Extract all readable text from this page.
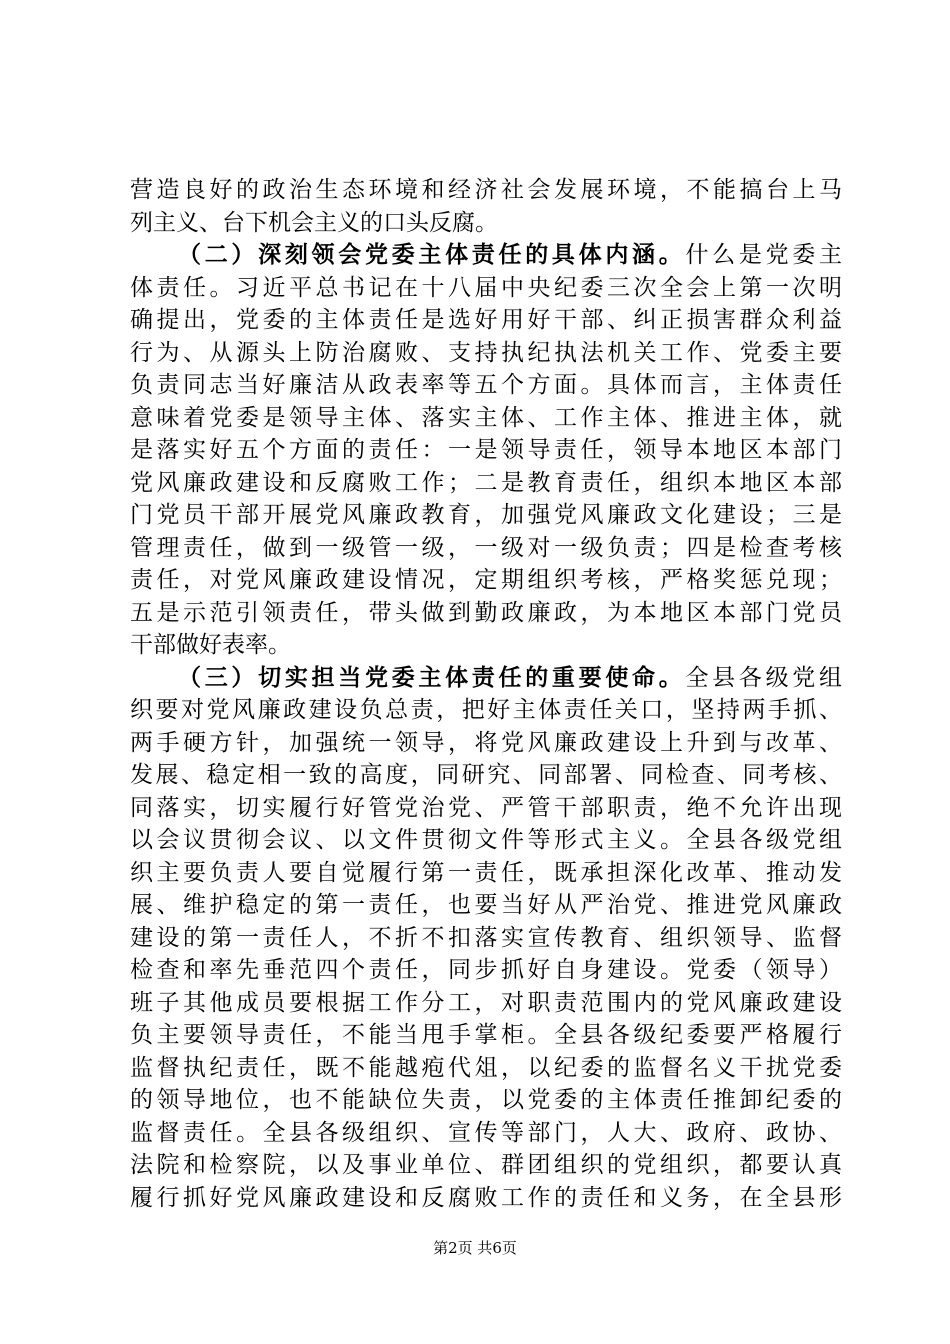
营造良好的政治生态环境和经济社会发展环境，不能搞台上马
列主义、台下机会主义的口头反腐。
（二）深刻领会党委主体责任的具体内涵。什么是党委主
体责任。习近平总书记在十八届中央纪委三次全会上第一次明
确提出，党委的主体责任是选好用好干部、纠正损害群众利益
行为、从源头上防治腐败、支持执纪执法机关工作、党委主要
负责同志当好廉洁从政表率等五个方面。具体而言，主体责任
意味着党委是领导主体、落实主体、工作主体、推进主体，就
是落实好五个方面的责任：一是领导责任，领导本地区本部门
党风廉政建设和反腐败工作；二是教育责任，组织本地区本部
门党员干部开展党风廉政教育，加强党风廉政文化建设；三是
管理责任，做到一级管一级，一级对一级负责；四是检查考核
责任，对党风廉政建设情况，定期组织考核，严格奖惩兑现；
五是示范引领责任，带头做到勤政廉政，为本地区本部门党员
干部做好表率。
（三）切实担当党委主体责任的重要使命。全县各级党组
织要对党风廉政建设负总责，把好主体责任关口，坚持两手抓、
两手硬方针，加强统一领导，将党风廉政建设上升到与改革、
发展、稳定相一致的高度，同研究、同部署、同检查、同考核、
同落实，切实履行好管党治党、严管干部职责，绝不允许出现
以会议贯彻会议、以文件贯彻文件等形式主义。全县各级党组
织主要负责人要自觉履行第一责任，既承担深化改革、推动发
展、维护稳定的第一责任，也要当好从严治党、推进党风廉政
建设的第一责任人，不折不扣落实宣传教育、组织领导、监督
检查和率先垂范四个责任，同步抓好自身建设。党委（领导）
班子其他成员要根据工作分工，对职责范围内的党风廉政建设
负主要领导责任，不能当甩手掌柜。全县各级纪委要严格履行
监督执纪责任，既不能越疱代俎，以纪委的监督名义干扰党委
的领导地位，也不能缺位失责，以党委的主体责任推卸纪委的
监督责任。全县各级组织、宣传等部门，人大、政府、政协、
法院和检察院，以及事业单位、群团组织的党组织，都要认真
履行抓好党风廉政建设和反腐败工作的责任和义务，在全县形
第2页 共6页
